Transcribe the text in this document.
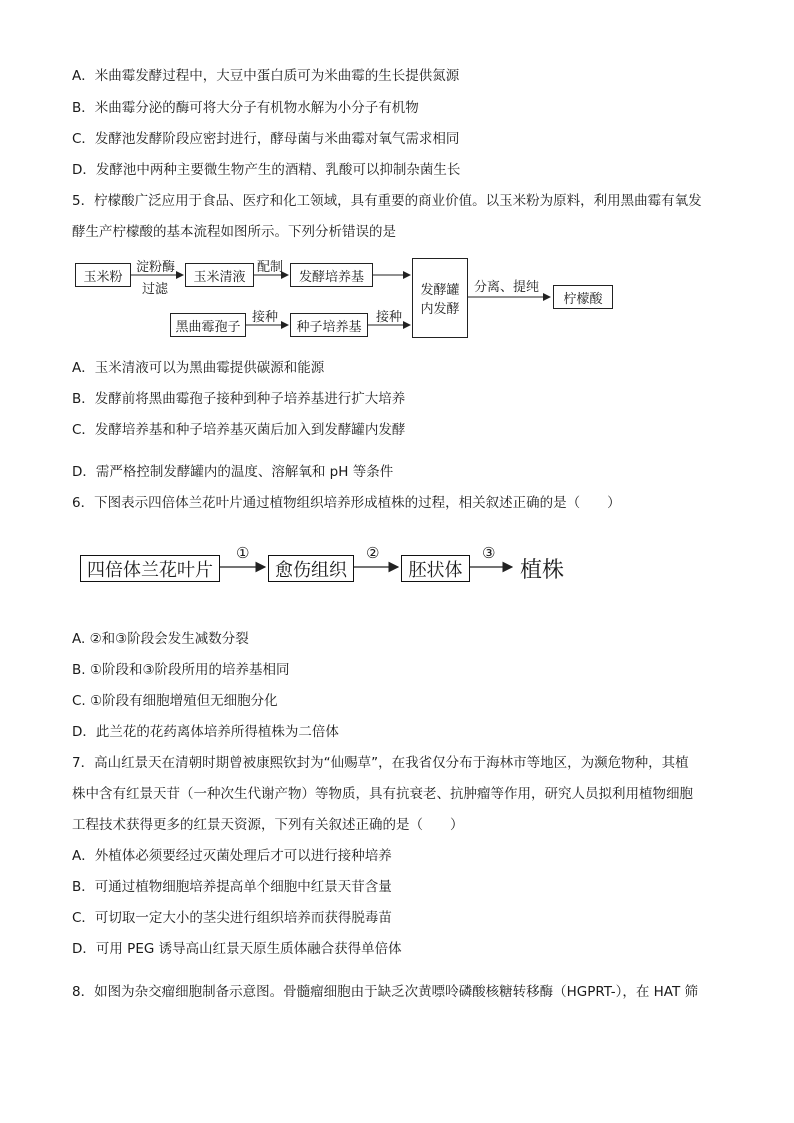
A．米曲霉发酵过程中，大豆中蛋白质可为米曲霉的生长提供氮源
B．米曲霉分泌的酶可将大分子有机物水解为小分子有机物
C．发酵池发酵阶段应密封进行，酵母菌与米曲霉对氧气需求相同
D．发酵池中两种主要微生物产生的酒精、乳酸可以抑制杂菌生长
5．柠檬酸广泛应用于食品、医疗和化工领域，具有重要的商业价值。以玉米粉为原料，利用黑曲霉有氧发
酵生产柠檬酸的基本流程如图所示。下列分析错误的是
玉米粉
淀粉酶
过滤
玉米清液
配制
发酵培养基
发酵罐
内发酵
分离、提纯
柠檬酸
黑曲霉孢子
接种
种子培养基
接种
A．玉米清液可以为黑曲霉提供碳源和能源
B．发酵前将黑曲霉孢子接种到种子培养基进行扩大培养
C．发酵培养基和种子培养基灭菌后加入到发酵罐内发酵
D．需严格控制发酵罐内的温度、溶解氧和 pH 等条件
6．下图表示四倍体兰花叶片通过植物组织培养形成植株的过程，相关叙述正确的是（　　）
四倍体兰花叶片
①
愈伤组织
②
胚状体
③
植株
A. ②和③阶段会发生减数分裂
B. ①阶段和③阶段所用的培养基相同
C. ①阶段有细胞增殖但无细胞分化
D．此兰花的花药离体培养所得植株为二倍体
7．高山红景天在清朝时期曾被康熙钦封为“仙赐草”，在我省仅分布于海林市等地区，为濒危物种，其植
株中含有红景天苷（一种次生代谢产物）等物质，具有抗衰老、抗肿瘤等作用，研究人员拟利用植物细胞
工程技术获得更多的红景天资源，下列有关叙述正确的是（　　）
A．外植体必须要经过灭菌处理后才可以进行接种培养
B．可通过植物细胞培养提高单个细胞中红景天苷含量
C．可切取一定大小的茎尖进行组织培养而获得脱毒苗
D．可用 PEG 诱导高山红景天原生质体融合获得单倍体
8．如图为杂交瘤细胞制备示意图。骨髓瘤细胞由于缺乏次黄嘌呤磷酸核糖转移酶（HGPRT-），在 HAT 筛
